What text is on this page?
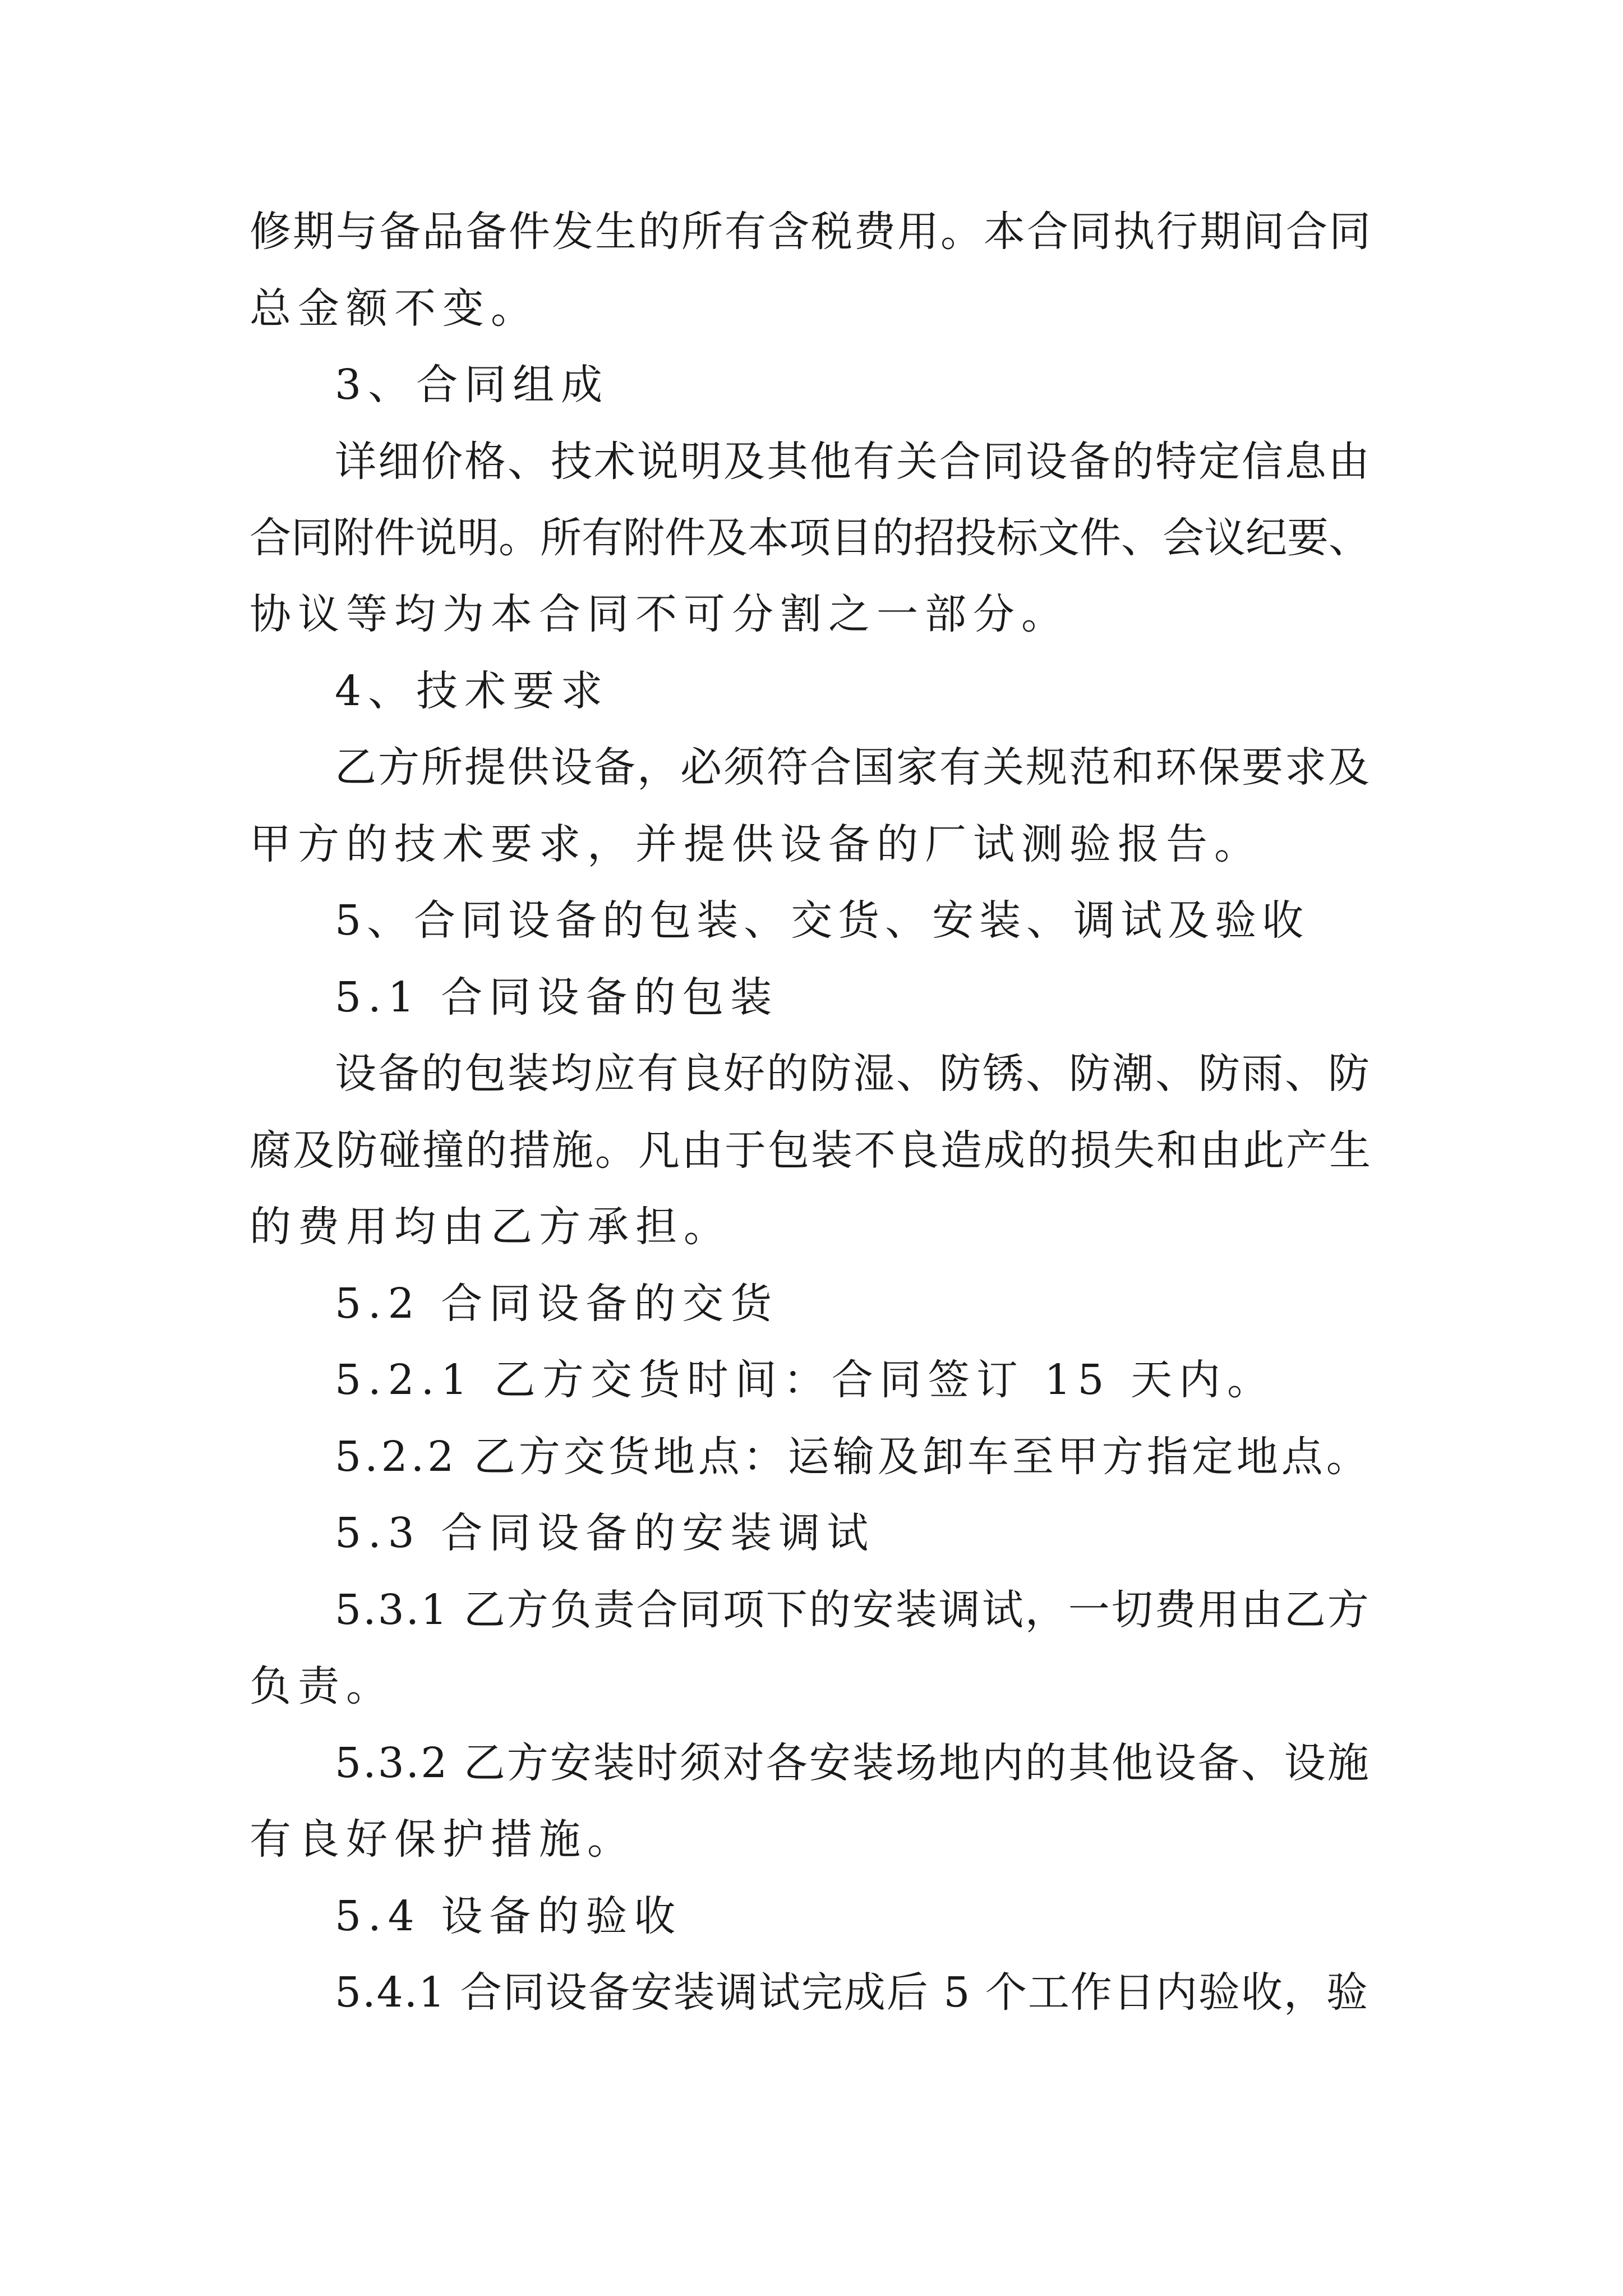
修期与备品备件发生的所有含税费用。本合同执行期间合同
总金额不变。
3、合同组成
详细价格、技术说明及其他有关合同设备的特定信息由
合同附件说明。所有附件及本项目的招投标文件、会议纪要、
协议等均为本合同不可分割之一部分。
4、技术要求
乙方所提供设备，必须符合国家有关规范和环保要求及
甲方的技术要求，并提供设备的厂试测验报告。
5、合同设备的包装、交货、安装、调试及验收
5.1 合同设备的包装
设备的包装均应有良好的防湿、防锈、防潮、防雨、防
腐及防碰撞的措施。凡由于包装不良造成的损失和由此产生
的费用均由乙方承担。
5.2 合同设备的交货
5.2.1 乙方交货时间：合同签订 15 天内。
5.2.2 乙方交货地点：运输及卸车至甲方指定地点。
5.3 合同设备的安装调试
5.3.1 乙方负责合同项下的安装调试，一切费用由乙方
负责。
5.3.2 乙方安装时须对各安装场地内的其他设备、设施
有良好保护措施。
5.4 设备的验收
5.4.1 合同设备安装调试完成后 5 个工作日内验收，验
